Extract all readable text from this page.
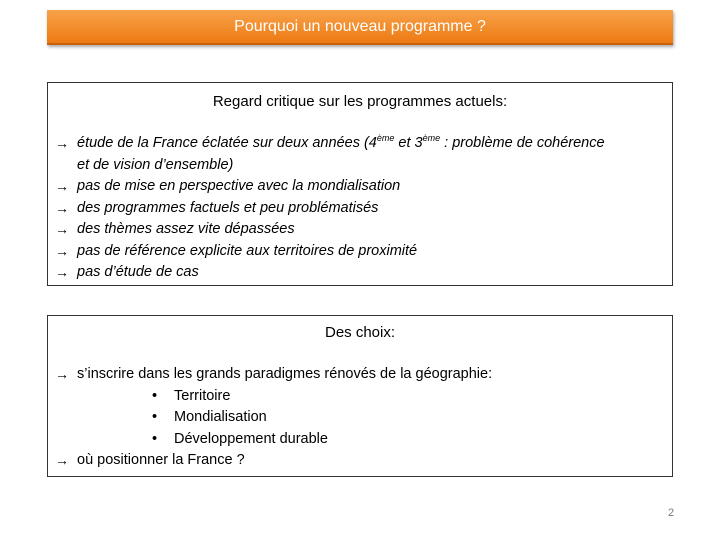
Pourquoi un nouveau programme ?
Regard critique sur les programmes actuels:
→ étude de la France éclatée sur deux années (4ème et 3ème : problème de cohérence
et de vision d’ensemble)
→ pas de mise en perspective avec la mondialisation
→ des programmes factuels et peu problématisés
→ des thèmes assez vite dépassées
→ pas de référence explicite aux territoires de proximité
→ pas d’étude de cas
Des choix:
→ s’inscrire dans les grands paradigmes rénovés de la géographie:
• Territoire
• Mondialisation
• Développement durable
→ où positionner la France ?
2
